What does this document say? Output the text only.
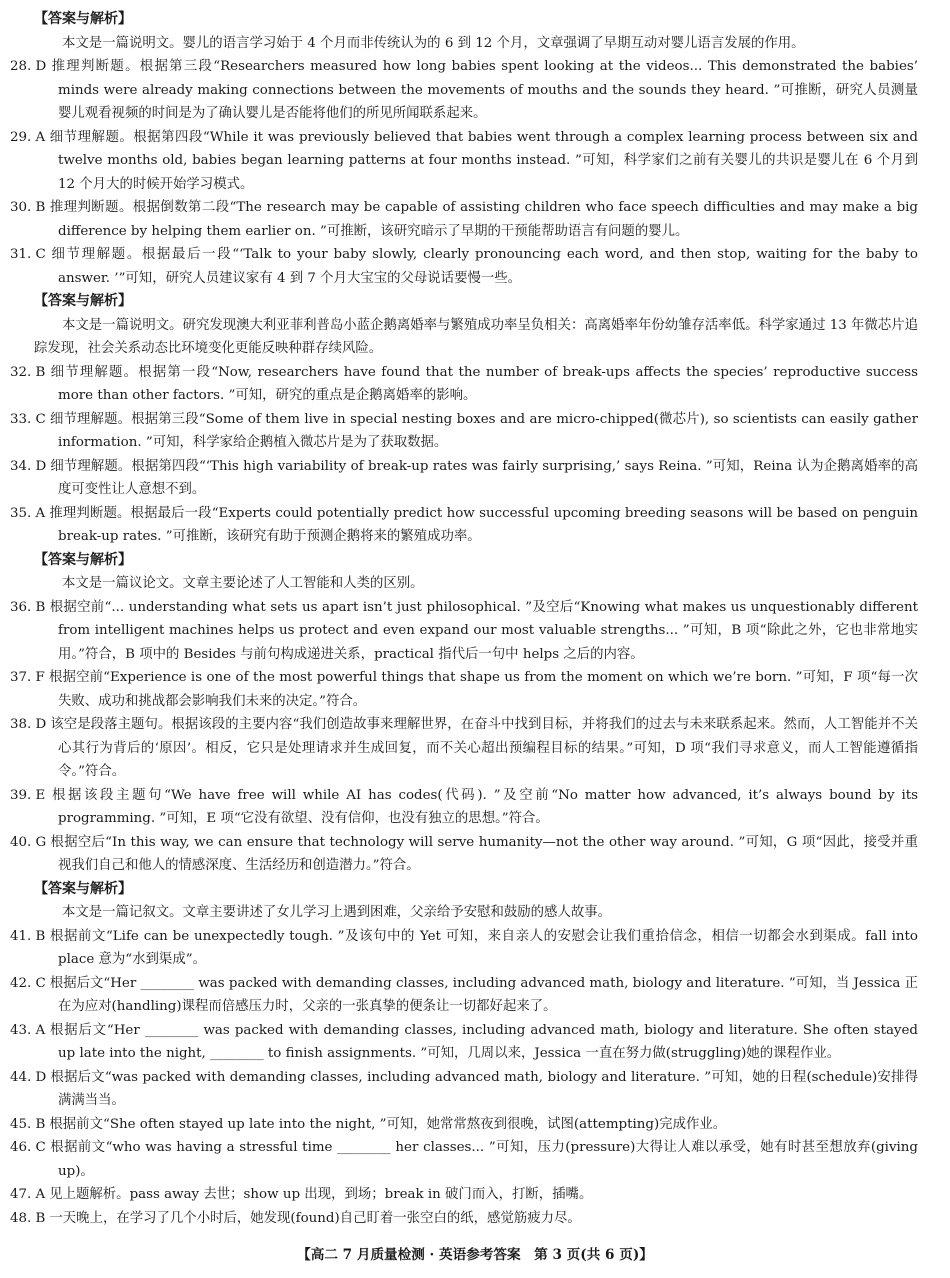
【答案与解析】

本文是一篇说明文。婴儿的语言学习始于 4 个月而非传统认为的 6 到 12 个月，文章强调了早期互动对婴儿语言发展的作用。

28. D 推理判断题。根据第三段“Researchers measured how long babies spent looking at the videos... This demonstrated the babies’ minds were already making connections between the movements of mouths and the sounds they heard. ”可推断，研究人员测量婴儿观看视频的时间是为了确认婴儿是否能将他们的所见所闻联系起来。

29. A 细节理解题。根据第四段“While it was previously believed that babies went through a complex learning process between six and twelve months old, babies began learning patterns at four months instead. ”可知，科学家们之前有关婴儿的共识是婴儿在 6 个月到 12 个月大的时候开始学习模式。

30. B 推理判断题。根据倒数第二段“The research may be capable of assisting children who face speech difficulties and may make a big difference by helping them earlier on. ”可推断，该研究暗示了早期的干预能帮助语言有问题的婴儿。

31. C 细节理解题。根据最后一段“‘Talk to your baby slowly, clearly pronouncing each word, and then stop, waiting for the baby to answer. ’”可知，研究人员建议家有 4 到 7 个月大宝宝的父母说话要慢一些。

【答案与解析】

本文是一篇说明文。研究发现澳大利亚菲利普岛小蓝企鹅离婚率与繁殖成功率呈负相关：高离婚率年份幼雏存活率低。科学家通过 13 年微芯片追踪发现，社会关系动态比环境变化更能反映种群存续风险。

32. B 细节理解题。根据第一段“Now, researchers have found that the number of break-ups affects the species’ reproductive success more than other factors. ”可知，研究的重点是企鹅离婚率的影响。

33. C 细节理解题。根据第三段“Some of them live in special nesting boxes and are micro-chipped(微芯片), so scientists can easily gather information. ”可知，科学家给企鹅植入微芯片是为了获取数据。

34. D 细节理解题。根据第四段“‘This high variability of break-up rates was fairly surprising,’ says Reina. ”可知，Reina 认为企鹅离婚率的高度可变性让人意想不到。

35. A 推理判断题。根据最后一段“Experts could potentially predict how successful upcoming breeding seasons will be based on penguin break-up rates. ”可推断，该研究有助于预测企鹅将来的繁殖成功率。

【答案与解析】

本文是一篇议论文。文章主要论述了人工智能和人类的区别。

36. B 根据空前“... understanding what sets us apart isn’t just philosophical. ”及空后“Knowing what makes us unquestionably different from intelligent machines helps us protect and even expand our most valuable strengths... ”可知，B 项“除此之外，它也非常地实用。”符合，B 项中的 Besides 与前句构成递进关系，practical 指代后一句中 helps 之后的内容。

37. F 根据空前“Experience is one of the most powerful things that shape us from the moment on which we’re born. ”可知，F 项“每一次失败、成功和挑战都会影响我们未来的决定。”符合。

38. D 该空是段落主题句。根据该段的主要内容“我们创造故事来理解世界，在奋斗中找到目标，并将我们的过去与未来联系起来。然而，人工智能并不关心其行为背后的‘原因’。相反，它只是处理请求并生成回复，而不关心超出预编程目标的结果。”可知，D 项“我们寻求意义，而人工智能遵循指令。”符合。

39. E 根据该段主题句“We have free will while AI has codes(代码). ”及空前“No matter how advanced, it’s always bound by its programming. ”可知，E 项“它没有欲望、没有信仰，也没有独立的思想。”符合。

40. G 根据空后“In this way, we can ensure that technology will serve humanity—not the other way around. ”可知，G 项“因此，接受并重视我们自己和他人的情感深度、生活经历和创造潜力。”符合。

【答案与解析】

本文是一篇记叙文。文章主要讲述了女儿学习上遇到困难，父亲给予安慰和鼓励的感人故事。

41. B 根据前文“Life can be unexpectedly tough. ”及该句中的 Yet 可知，来自亲人的安慰会让我们重拾信念，相信一切都会水到渠成。fall into place 意为“水到渠成”。

42. C 根据后文“Her ________ was packed with demanding classes, including advanced math, biology and literature. ”可知，当 Jessica 正在为应对(handling)课程而倍感压力时，父亲的一张真挚的便条让一切都好起来了。

43. A 根据后文“Her ________ was packed with demanding classes, including advanced math, biology and literature. She often stayed up late into the night, ________ to finish assignments. ”可知，几周以来，Jessica 一直在努力做(struggling)她的课程作业。

44. D 根据后文“was packed with demanding classes, including advanced math, biology and literature. ”可知，她的日程(schedule)安排得满满当当。

45. B 根据前文“She often stayed up late into the night, ”可知，她常常熬夜到很晚，试图(attempting)完成作业。

46. C 根据前文“who was having a stressful time ________ her classes... ”可知，压力(pressure)大得让人难以承受，她有时甚至想放弃(giving up)。

47. A 见上题解析。pass away 去世；show up 出现，到场；break in 破门而入，打断，插嘴。

48. B 一天晚上，在学习了几个小时后，她发现(found)自己盯着一张空白的纸，感觉筋疲力尽。

【高二 7 月质量检测 · 英语参考答案　第 3 页(共 6 页)】
